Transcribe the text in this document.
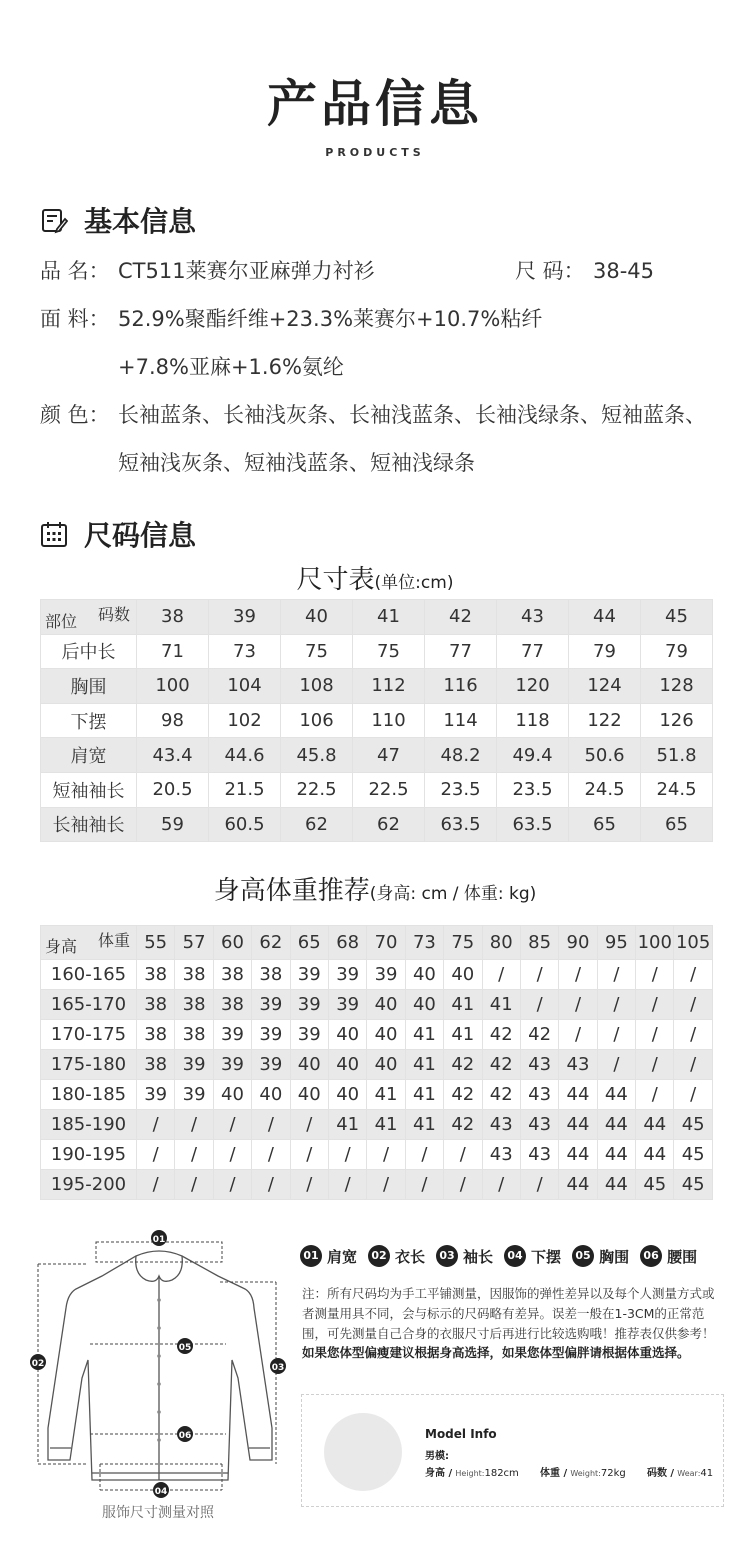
产品信息
PRODUCTS
基本信息
品 名： CT511莱赛尔亚麻弹力衬衫	尺 码： 38-45
面 料： 52.9%聚酯纤维+23.3%莱赛尔+10.7%粘纤
+7.8%亚麻+1.6%氨纶
颜 色： 长袖蓝条、长袖浅灰条、长袖浅蓝条、长袖浅绿条、短袖蓝条、
短袖浅灰条、短袖浅蓝条、短袖浅绿条
尺码信息
尺寸表(单位:cm)
码数
部位	38	39	40	41	42	43	44	45
后中长	71	73	75	75	77	77	79	79
胸围	100	104	108	112	116	120	124	128
下摆	98	102	106	110	114	118	122	126
肩宽	43.4	44.6	45.8	47	48.2	49.4	50.6	51.8
短袖袖长	20.5	21.5	22.5	22.5	23.5	23.5	24.5	24.5
长袖袖长	59	60.5	62	62	63.5	63.5	65	65
身高体重推荐(身高: cm / 体重: kg)
体重
身高	55	57	60	62	65	68	70	73	75	80	85	90	95	100	105
160-165	38	38	38	38	39	39	39	40	40	/	/	/	/	/	/
165-170	38	38	38	39	39	39	40	40	41	41	/	/	/	/	/
170-175	38	38	39	39	39	40	40	41	41	42	42	/	/	/	/
175-180	38	39	39	39	40	40	40	41	42	42	43	43	/	/	/
180-185	39	39	40	40	40	40	41	41	42	42	43	44	44	/	/
185-190	/	/	/	/	/	41	41	41	42	43	43	44	44	44	45
190-195	/	/	/	/	/	/	/	/	/	43	43	44	44	44	45
195-200	/	/	/	/	/	/	/	/	/	/	/	44	44	45	45
01
02	03
04
05
06
服饰尺寸测量对照
01 肩宽	02 衣长	03 袖长	04 下摆	05 胸围	06 腰围
注：所有尺码均为手工平铺测量，因服饰的弹性差异以及每个人测量方式或者测量用具不同，会与标示的尺码略有差异。误差一般在1-3CM的正常范围，可先测量自己合身的衣服尺寸后再进行比较选购哦！推荐表仅供参考！如果您体型偏瘦建议根据身高选择，如果您体型偏胖请根据体重选择。
Model Info
男模:
身高 / Height:182cm 体重 / Weight:72kg 码数 / Wear:41
